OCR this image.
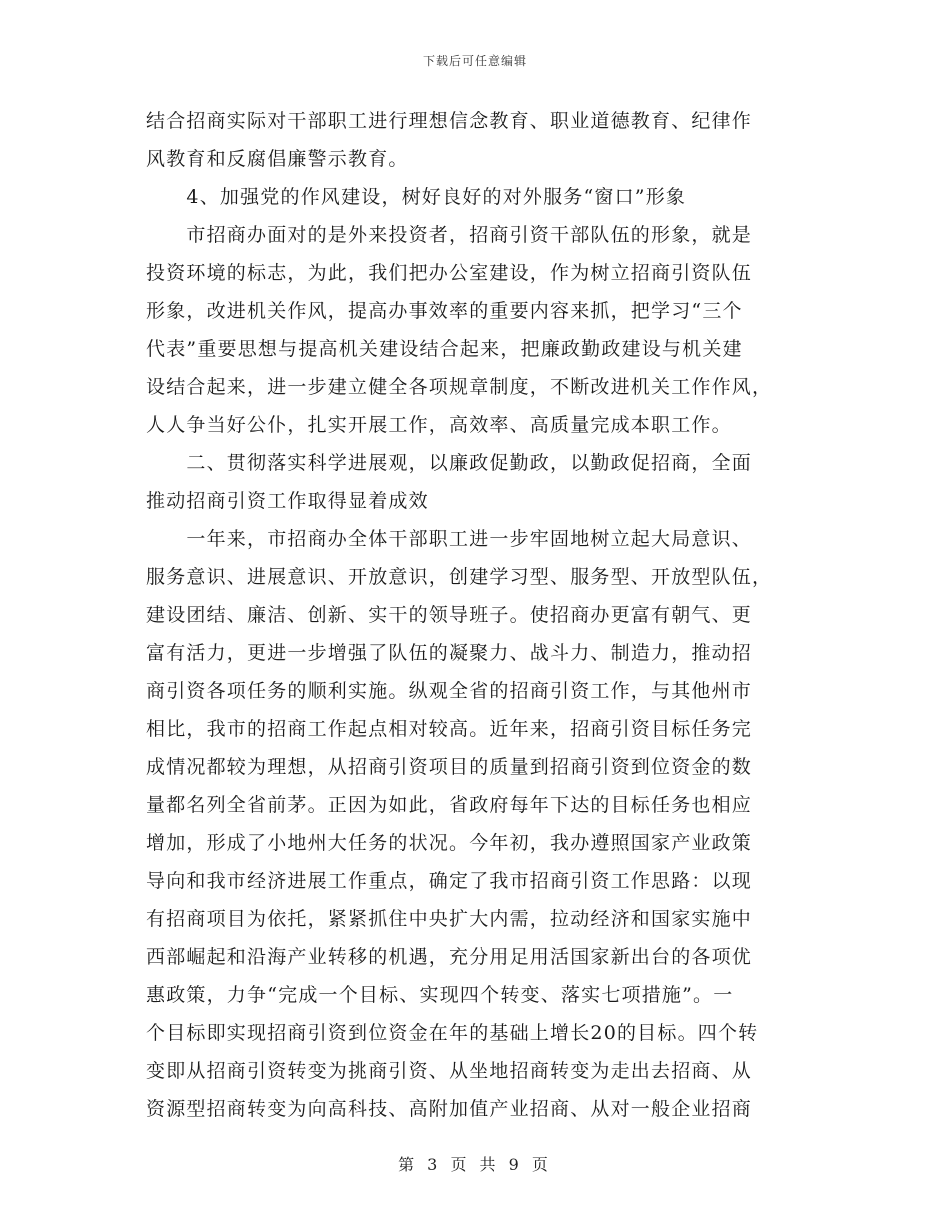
下载后可任意编辑
结合招商实际对干部职工进行理想信念教育、职业道德教育、纪律作
风教育和反腐倡廉警示教育。
　　4、加强党的作风建设，树好良好的对外服务“窗口”形象
　　市招商办面对的是外来投资者，招商引资干部队伍的形象，就是
投资环境的标志，为此，我们把办公室建设，作为树立招商引资队伍
形象，改进机关作风，提高办事效率的重要内容来抓，把学习“三个
代表”重要思想与提高机关建设结合起来，把廉政勤政建设与机关建
设结合起来，进一步建立健全各项规章制度，不断改进机关工作作风，
人人争当好公仆，扎实开展工作，高效率、高质量完成本职工作。
　　二、贯彻落实科学进展观，以廉政促勤政，以勤政促招商，全面
推动招商引资工作取得显着成效
　　一年来，市招商办全体干部职工进一步牢固地树立起大局意识、
服务意识、进展意识、开放意识，创建学习型、服务型、开放型队伍，
建设团结、廉洁、创新、实干的领导班子。使招商办更富有朝气、更
富有活力，更进一步增强了队伍的凝聚力、战斗力、制造力，推动招
商引资各项任务的顺利实施。纵观全省的招商引资工作，与其他州市
相比，我市的招商工作起点相对较高。近年来，招商引资目标任务完
成情况都较为理想，从招商引资项目的质量到招商引资到位资金的数
量都名列全省前茅。正因为如此，省政府每年下达的目标任务也相应
增加，形成了小地州大任务的状况。今年初，我办遵照国家产业政策
导向和我市经济进展工作重点，确定了我市招商引资工作思路：以现
有招商项目为依托，紧紧抓住中央扩大内需，拉动经济和国家实施中
西部崛起和沿海产业转移的机遇，充分用足用活国家新出台的各项优
惠政策，力争“完成一个目标、实现四个转变、落实七项措施”。一
个目标即实现招商引资到位资金在年的基础上增长20的目标。四个转
变即从招商引资转变为挑商引资、从坐地招商转变为走出去招商、从
资源型招商转变为向高科技、高附加值产业招商、从对一般企业招商
第 3 页 共 9 页
